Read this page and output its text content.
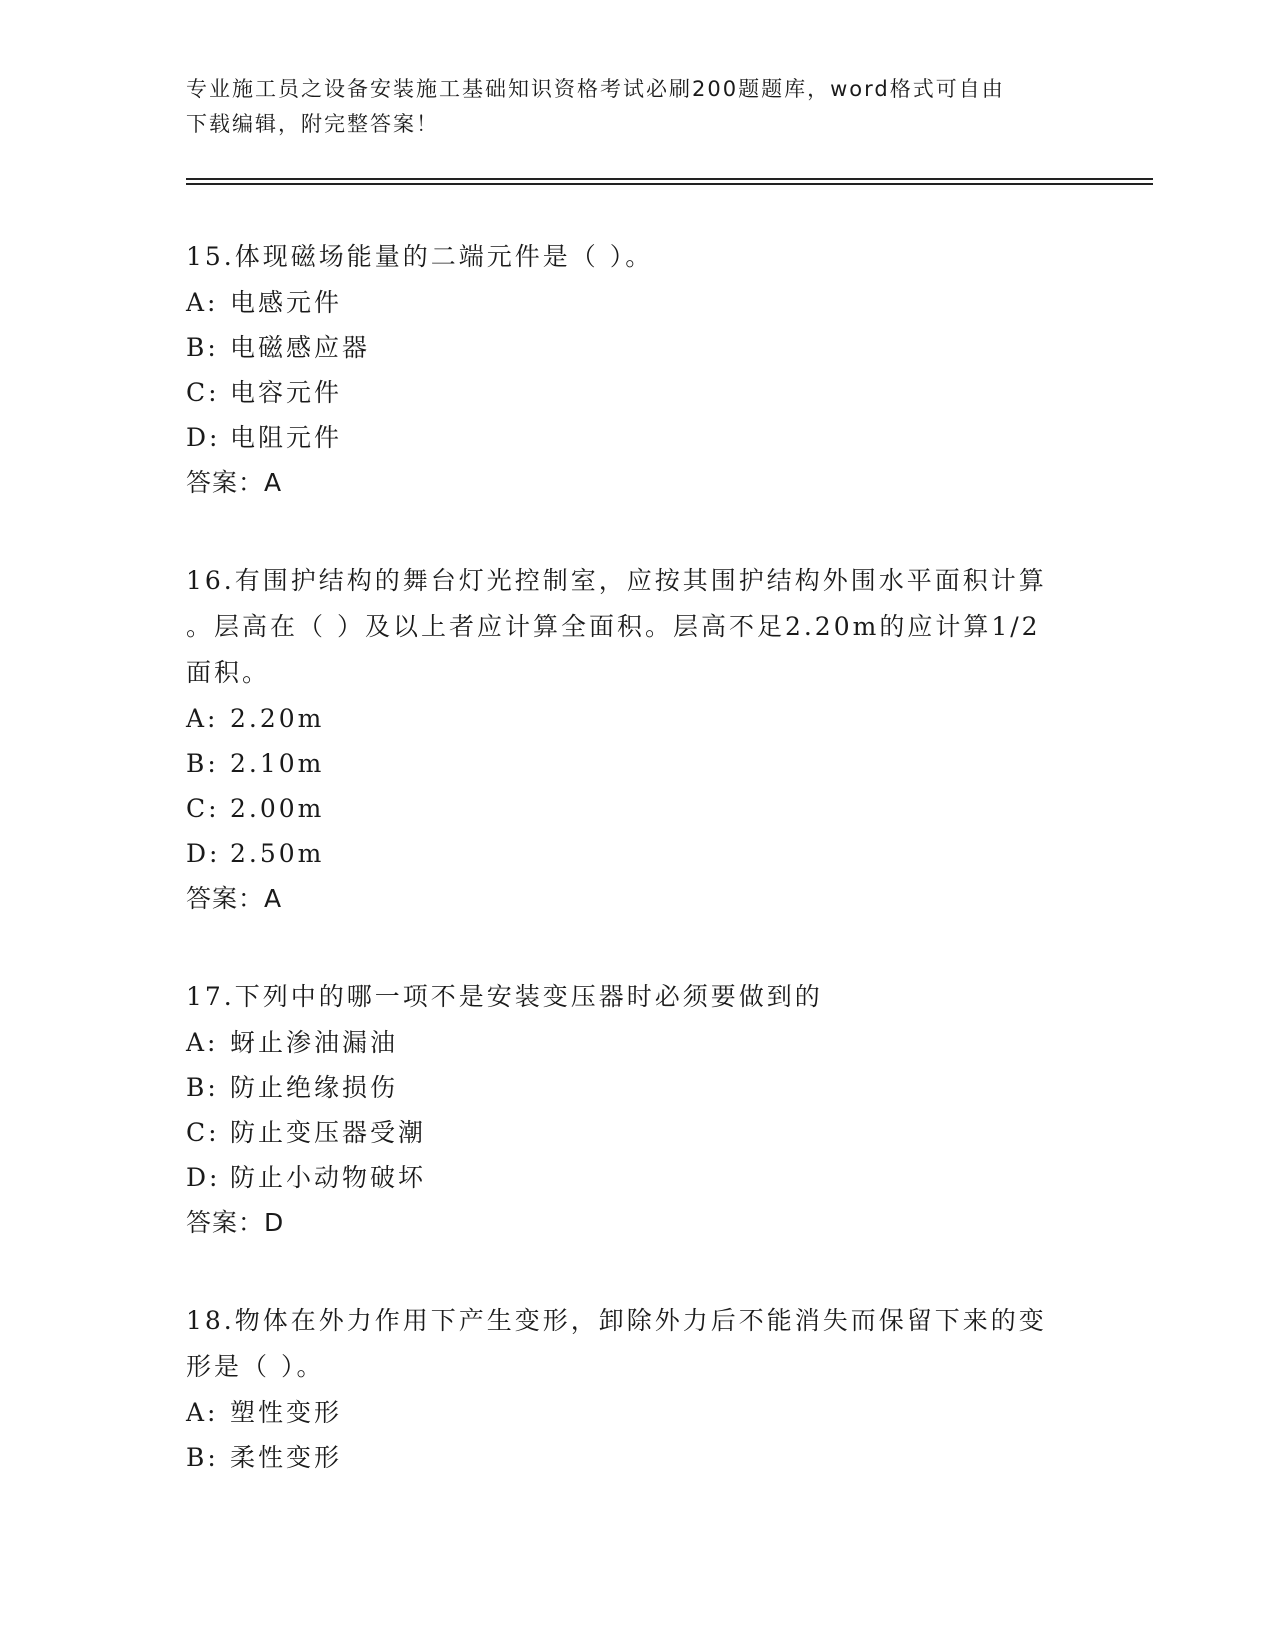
专业施工员之设备安装施工基础知识资格考试必刷200题题库，word格式可自由
下载编辑，附完整答案！
15.体现磁场能量的二端元件是（ ）。
A: 电感元件
B: 电磁感应器
C: 电容元件
D: 电阻元件
答案：A
16.有围护结构的舞台灯光控制室，应按其围护结构外围水平面积计算
。层高在（ ）及以上者应计算全面积。层高不足2.20m的应计算1/2
面积。
A: 2.20m
B: 2.10m
C: 2.00m
D: 2.50m
答案：A
17.下列中的哪一项不是安装变压器时必须要做到的
A: 蚜止渗油漏油
B: 防止绝缘损伤
C: 防止变压器受潮
D: 防止小动物破坏
答案：D
18.物体在外力作用下产生变形，卸除外力后不能消失而保留下来的变
形是（ ）。
A: 塑性变形
B: 柔性变形
